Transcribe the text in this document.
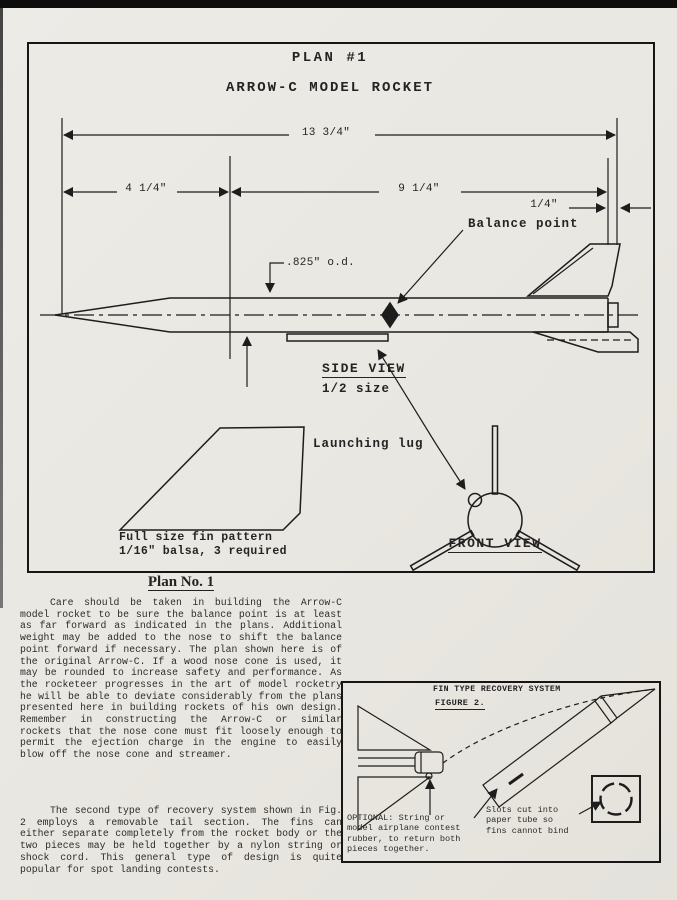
PLAN #1
ARROW-C MODEL ROCKET
13 3/4"
4 1/4"	9 1/4"
1/4"
Balance point
.825" o.d.
SIDE VIEW
1/2 size
Launching lug
Full size fin pattern
1/16" balsa, 3 required
FRONT VIEW
Plan No. 1
Care should be taken in building the Arrow-C model rocket to be sure the balance point is at least as far forward as indicated in the plans. Additional weight may be added to the nose to shift the balance point forward if necessary. The plan shown here is of the original Arrow-C. If a wood nose cone is used, it may be rounded to increase safety and performance. As the rocketeer progresses in the art of model rocketry he will be able to deviate considerably from the plans presented here in building rockets of his own design. Remember in constructing the Arrow-C or similar rockets that the nose cone must fit loosely enough to permit the ejection charge in the engine to easily blow off the nose cone and streamer.
The second type of recovery system shown in Fig. 2 employs a removable tail section. The fins can either separate completely from the rocket body or the two pieces may be held together by a nylon string or shock cord. This general type of design is quite popular for spot landing contests.
FIN TYPE RECOVERY SYSTEM
FIGURE 2.
OPTIONAL: String or model airplane contest rubber, to return both pieces together.
Slots cut into paper tube so fins cannot bind
